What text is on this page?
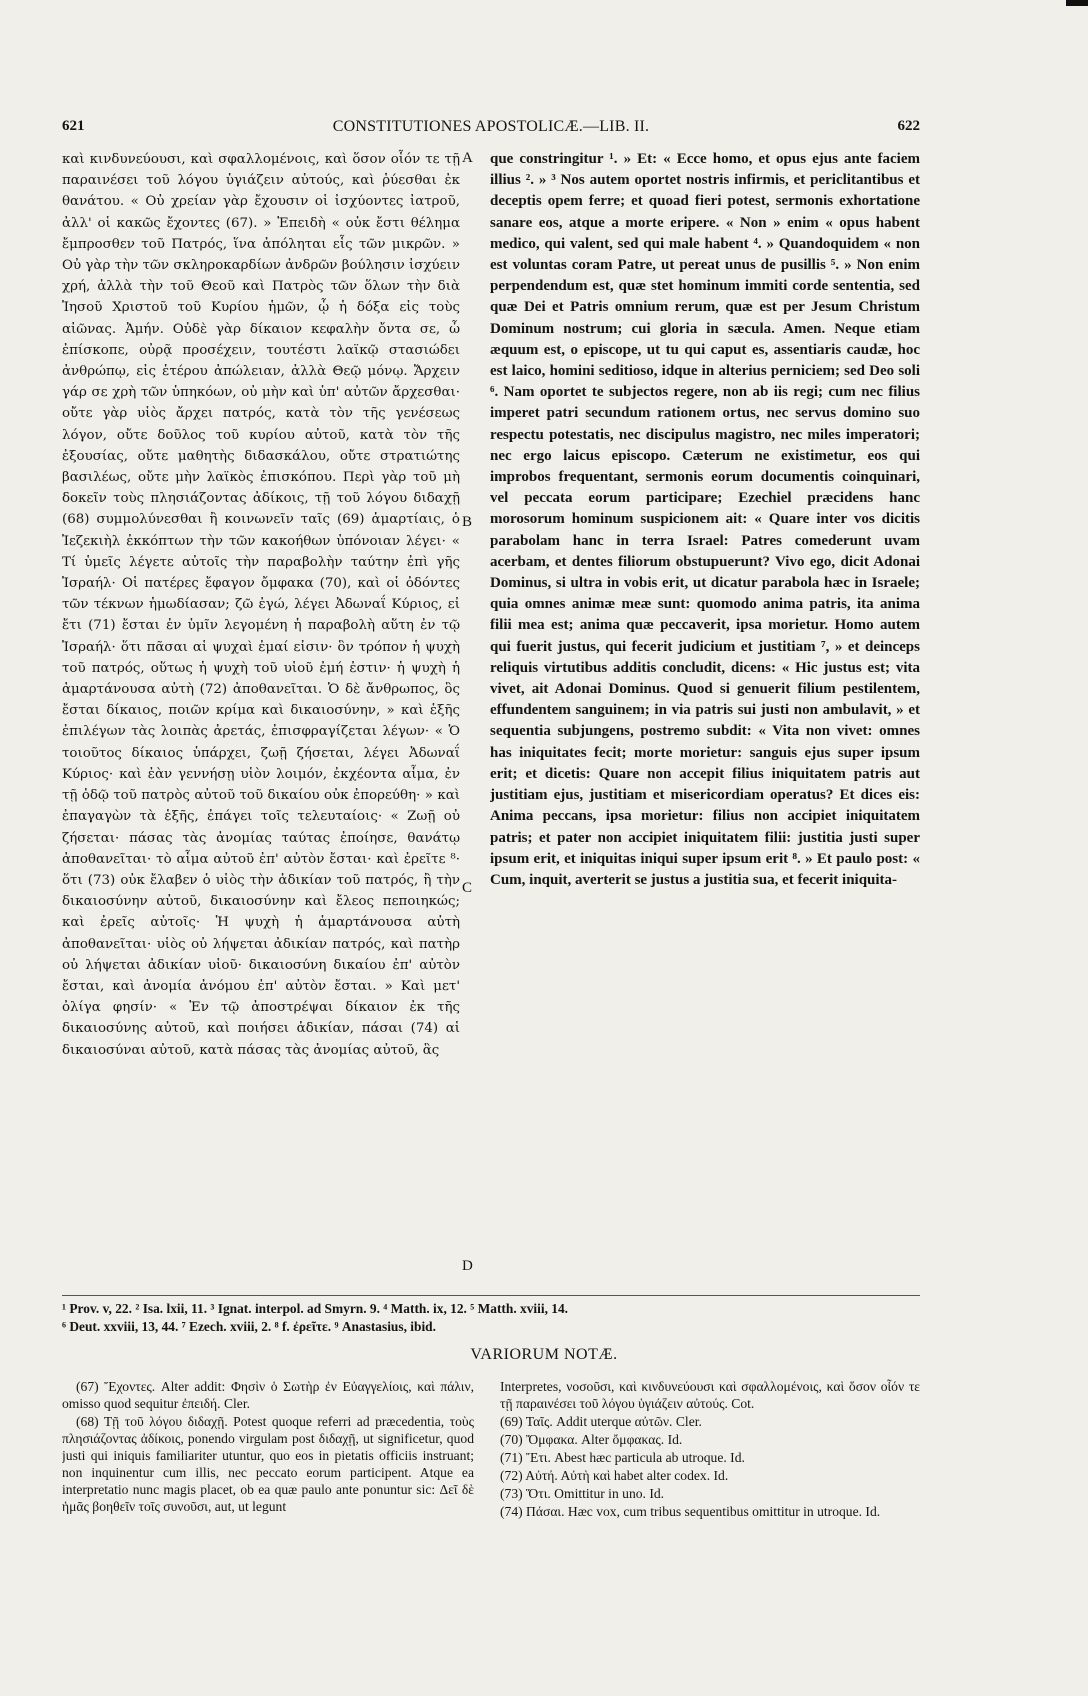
CONSTITUTIONES APOSTOLICÆ.—LIB. II.
621	622
καὶ κινδυνεύουσι, καὶ σφαλλομένοις, καὶ ὅσον οἷόν τε τῇ παραινέσει τοῦ λόγου ὑγιάζειν αὐτούς, καὶ ῥύεσθαι ἐκ θανάτου. « Οὐ χρείαν γὰρ ἔχουσιν οἱ ἰσχύοντες ἰατροῦ, ἀλλ' οἱ κακῶς ἔχοντες (67). » Ἐπειδὴ « οὐκ ἔστι θέλημα ἔμπροσθεν τοῦ Πατρός, ἵνα ἀπόληται εἷς τῶν μικρῶν. » Οὐ γὰρ τὴν τῶν σκληροκαρδίων ἀνδρῶν βούλησιν ἰσχύειν χρή, ἀλλὰ τὴν τοῦ Θεοῦ καὶ Πατρὸς τῶν ὅλων τὴν διὰ Ἰησοῦ Χριστοῦ τοῦ Κυρίου ἡμῶν, ᾧ ἡ δόξα εἰς τοὺς αἰῶνας. Ἀμήν. Οὐδὲ γὰρ δίκαιον κεφαλὴν ὄντα σε, ὦ ἐπίσκοπε, οὐρᾷ προσέχειν, τουτέστι λαϊκῷ στασιώδει ἀνθρώπῳ, εἰς ἑτέρου ἀπώλειαν, ἀλλὰ Θεῷ μόνῳ. Ἄρχειν γάρ σε χρὴ τῶν ὑπηκόων, οὐ μὴν καὶ ὑπ' αὐτῶν ἄρχεσθαι· οὔτε γὰρ υἱὸς ἄρχει πατρός, κατὰ τὸν τῆς γενέσεως λόγον, οὔτε δοῦλος τοῦ κυρίου αὐτοῦ, κατὰ τὸν τῆς ἐξουσίας, οὔτε μαθητὴς διδασκάλου, οὔτε στρατιώτης βασιλέως, οὔτε μὴν λαϊκὸς ἐπισκόπου. Περὶ γὰρ τοῦ μὴ δοκεῖν τοὺς πλησιάζοντας ἀδίκοις, τῇ τοῦ λόγου διδαχῇ (68) συμμολύνεσθαι ἢ κοινωνεῖν ταῖς (69) ἁμαρτίαις, ὁ Ἰεζεκιὴλ ἐκκόπτων τὴν τῶν κακοήθων ὑπόνοιαν λέγει· « Τί ὑμεῖς λέγετε αὐτοῖς τὴν παραβολὴν ταύτην ἐπὶ γῆς Ἰσραήλ· Οἱ πατέρες ἔφαγον ὄμφακα (70), καὶ οἱ ὀδόντες τῶν τέκνων ἡμωδίασαν; ζῶ ἐγώ, λέγει Ἀδωναΐ Κύριος, εἰ ἔτι (71) ἔσται ἐν ὑμῖν λεγομένη ἡ παραβολὴ αὕτη ἐν τῷ Ἰσραήλ· ὅτι πᾶσαι αἱ ψυχαὶ ἐμαί εἰσιν· ὃν τρόπον ἡ ψυχὴ τοῦ πατρός, οὕτως ἡ ψυχὴ τοῦ υἱοῦ ἐμή ἐστιν· ἡ ψυχὴ ἡ ἁμαρτάνουσα αὐτὴ (72) ἀποθανεῖται. Ὁ δὲ ἄνθρωπος, ὃς ἔσται δίκαιος, ποιῶν κρίμα καὶ δικαιοσύνην, » καὶ ἑξῆς ἐπιλέγων τὰς λοιπὰς ἀρετάς, ἐπισφραγίζεται λέγων· « Ὁ τοιοῦτος δίκαιος ὑπάρχει, ζωῇ ζήσεται, λέγει Ἀδωναΐ Κύριος· καὶ ἐὰν γεννήσῃ υἱὸν λοιμόν, ἐκχέοντα αἷμα, ἐν τῇ ὁδῷ τοῦ πατρὸς αὐτοῦ τοῦ δικαίου οὐκ ἐπορεύθη· » καὶ ἐπαγαγὼν τὰ ἑξῆς, ἐπάγει τοῖς τελευταίοις· « Ζωῇ οὐ ζήσεται· πάσας τὰς ἀνομίας ταύτας ἐποίησε, θανάτῳ ἀποθανεῖται· τὸ αἷμα αὐτοῦ ἐπ' αὐτὸν ἔσται· καὶ ἐρεῖτε ⁸· ὅτι (73) οὐκ ἔλαβεν ὁ υἱὸς τὴν ἀδικίαν τοῦ πατρός, ἢ τὴν δικαιοσύνην αὐτοῦ, δικαιοσύνην καὶ ἔλεος πεποιηκώς; καὶ ἐρεῖς αὐτοῖς· Ἡ ψυχὴ ἡ ἁμαρτάνουσα αὐτὴ ἀποθανεῖται· υἱὸς οὐ λήψεται ἀδικίαν πατρός, καὶ πατὴρ οὐ λήψεται ἀδικίαν υἱοῦ· δικαιοσύνη δικαίου ἐπ' αὐτὸν ἔσται, καὶ ἀνομία ἀνόμου ἐπ' αὐτὸν ἔσται. » Καὶ μετ' ὀλίγα φησίν· « Ἐν τῷ ἀποστρέψαι δίκαιον ἐκ τῆς δικαιοσύνης αὐτοῦ, καὶ ποιήσει ἀδικίαν, πάσαι (74) αἱ δικαιοσύναι αὐτοῦ, κατὰ πάσας τὰς ἀνομίας αὐτοῦ, ἃς
A
B
C
D
que constringitur ¹. » Et: « Ecce homo, et opus ejus ante faciem illius ². » ³ Nos autem oportet nostris infirmis, et periclitantibus et deceptis opem ferre; et quoad fieri potest, sermonis exhortatione sanare eos, atque a morte eripere. « Non » enim « opus habent medico, qui valent, sed qui male habent ⁴. » Quandoquidem « non est voluntas coram Patre, ut pereat unus de pusillis ⁵. » Non enim perpendendum est, quæ stet hominum immiti corde sententia, sed quæ Dei et Patris omnium rerum, quæ est per Jesum Christum Dominum nostrum; cui gloria in sæcula. Amen. Neque etiam æquum est, o episcope, ut tu qui caput es, assentiaris caudæ, hoc est laico, homini seditioso, idque in alterius perniciem; sed Deo soli ⁶. Nam oportet te subjectos regere, non ab iis regi; cum nec filius imperet patri secundum rationem ortus, nec servus domino suo respectu potestatis, nec discipulus magistro, nec miles imperatori; nec ergo laicus episcopo. Cæterum ne existimetur, eos qui improbos frequentant, sermonis eorum documentis coinquinari, vel peccata eorum participare; Ezechiel præcidens hanc morosorum hominum suspicionem ait: « Quare inter vos dicitis parabolam hanc in terra Israel: Patres comederunt uvam acerbam, et dentes filiorum obstupuerunt? Vivo ego, dicit Adonai Dominus, si ultra in vobis erit, ut dicatur parabola hæc in Israele; quia omnes animæ meæ sunt: quomodo anima patris, ita anima filii mea est; anima quæ peccaverit, ipsa morietur. Homo autem qui fuerit justus, qui fecerit judicium et justitiam ⁷, » et deinceps reliquis virtutibus additis concludit, dicens: « Hic justus est; vita vivet, ait Adonai Dominus. Quod si genuerit filium pestilentem, effundentem sanguinem; in via patris sui justi non ambulavit, » et sequentia subjungens, postremo subdit: « Vita non vivet: omnes has iniquitates fecit; morte morietur: sanguis ejus super ipsum erit; et dicetis: Quare non accepit filius iniquitatem patris aut justitiam ejus, justitiam et misericordiam operatus? Et dices eis: Anima peccans, ipsa morietur: filius non accipiet iniquitatem patris; et pater non accipiet iniquitatem filii: justitia justi super ipsum erit, et iniquitas iniqui super ipsum erit ⁸. » Et paulo post: « Cum, inquit, averterit se justus a justitia sua, et fecerit iniquita-
¹ Prov. v, 22. ² Isa. lxii, 11. ³ Ignat. interpol. ad Smyrn. 9. ⁴ Matth. ix, 12. ⁵ Matth. xviii, 14.
⁶ Deut. xxviii, 13, 44. ⁷ Ezech. xviii, 2. ⁸ f. ἐρεῖτε. ⁹ Anastasius, ibid.
VARIORUM NOTÆ.

(67) Ἔχοντες. Alter addit: Φησὶν ὁ Σωτὴρ ἐν Εὐαγγελίοις, καὶ πάλιν, omisso quod sequitur ἐπειδή. Cler.

(68) Τῇ τοῦ λόγου διδαχῇ. Potest quoque referri ad præcedentia, τοὺς πλησιάζοντας ἀδίκοις, ponendo virgulam post διδαχῇ, ut significetur, quod justi qui iniquis familiariter utuntur, quo eos in pietatis officiis instruant; non inquinentur cum illis, nec peccato eorum participent. Atque ea interpretatio nunc magis placet, ob ea quæ paulo ante ponuntur sic: Δεῖ δὲ ἡμᾶς βοηθεῖν τοῖς συνοῦσι, aut, ut legunt

Interpretes, νοσοῦσι, καὶ κινδυνεύουσι καὶ σφαλλομένοις, καὶ ὅσον οἷόν τε τῇ παραινέσει τοῦ λόγου ὑγιάζειν αὐτούς. Cot.

(69) Ταῖς. Addit uterque αὐτῶν. Cler.

(70) Ὄμφακα. Alter ὄμφακας. Id.

(71) Ἔτι. Abest hæc particula ab utroque. Id.

(72) Αὐτή. Αὐτὴ καὶ habet alter codex. Id.

(73) Ὅτι. Omittitur in uno. Id.

(74) Πάσαι. Hæc vox, cum tribus sequentibus omittitur in utroque. Id.
